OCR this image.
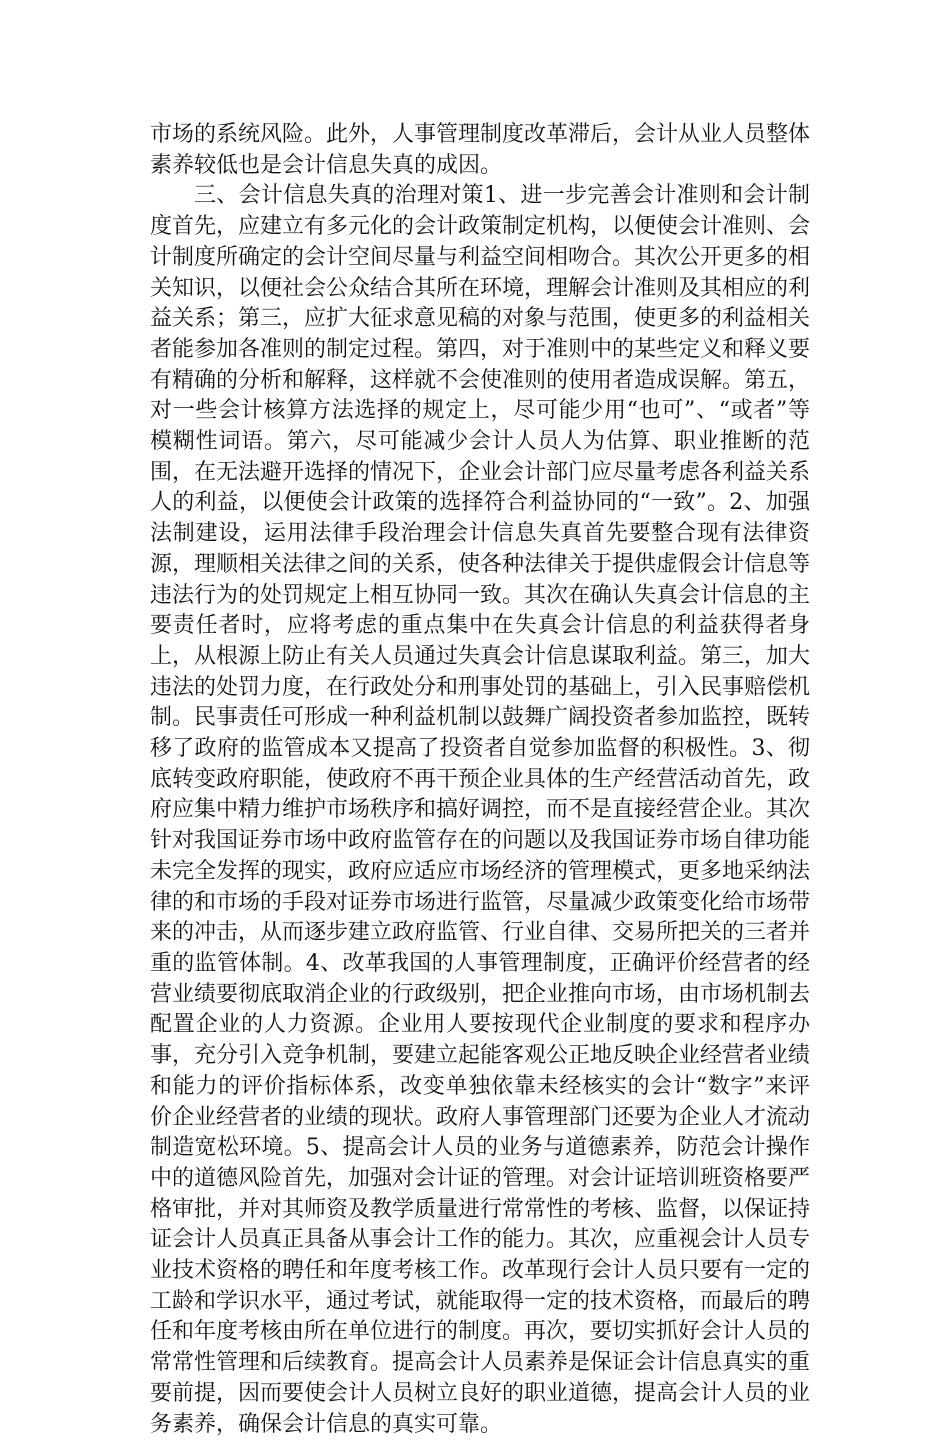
市场的系统风险。此外，人事管理制度改革滞后，会计从业人员整体素养较低也是会计信息失真的成因。

三、会计信息失真的治理对策1、进一步完善会计准则和会计制度首先，应建立有多元化的会计政策制定机构，以便使会计准则、会计制度所确定的会计空间尽量与利益空间相吻合。其次公开更多的相关知识，以便社会公众结合其所在环境，理解会计准则及其相应的利益关系；第三，应扩大征求意见稿的对象与范围，使更多的利益相关者能参加各准则的制定过程。第四，对于准则中的某些定义和释义要有精确的分析和解释，这样就不会使准则的使用者造成误解。第五，对一些会计核算方法选择的规定上，尽可能少用“也可”、“或者”等模糊性词语。第六，尽可能减少会计人员人为估算、职业推断的范围，在无法避开选择的情况下，企业会计部门应尽量考虑各利益关系人的利益，以便使会计政策的选择符合利益协同的“一致”。2、加强法制建设，运用法律手段治理会计信息失真首先要整合现有法律资源，理顺相关法律之间的关系，使各种法律关于提供虚假会计信息等违法行为的处罚规定上相互协同一致。其次在确认失真会计信息的主要责任者时，应将考虑的重点集中在失真会计信息的利益获得者身上，从根源上防止有关人员通过失真会计信息谋取利益。第三，加大违法的处罚力度，在行政处分和刑事处罚的基础上，引入民事赔偿机制。民事责任可形成一种利益机制以鼓舞广阔投资者参加监控，既转移了政府的监管成本又提高了投资者自觉参加监督的积极性。3、彻底转变政府职能，使政府不再干预企业具体的生产经营活动首先，政府应集中精力维护市场秩序和搞好调控，而不是直接经营企业。其次针对我国证券市场中政府监管存在的问题以及我国证券市场自律功能未完全发挥的现实，政府应适应市场经济的管理模式，更多地采纳法律的和市场的手段对证券市场进行监管，尽量减少政策变化给市场带来的冲击，从而逐步建立政府监管、行业自律、交易所把关的三者并重的监管体制。4、改革我国的人事管理制度，正确评价经营者的经营业绩要彻底取消企业的行政级别，把企业推向市场，由市场机制去配置企业的人力资源。企业用人要按现代企业制度的要求和程序办事，充分引入竞争机制，要建立起能客观公正地反映企业经营者业绩和能力的评价指标体系，改变单独依靠未经核实的会计“数字”来评价企业经营者的业绩的现状。政府人事管理部门还要为企业人才流动制造宽松环境。5、提高会计人员的业务与道德素养，防范会计操作中的道德风险首先，加强对会计证的管理。对会计证培训班资格要严格审批，并对其师资及教学质量进行常常性的考核、监督，以保证持证会计人员真正具备从事会计工作的能力。其次，应重视会计人员专业技术资格的聘任和年度考核工作。改革现行会计人员只要有一定的工龄和学识水平，通过考试，就能取得一定的技术资格，而最后的聘任和年度考核由所在单位进行的制度。再次，要切实抓好会计人员的常常性管理和后续教育。提高会计人员素养是保证会计信息真实的重要前提，因而要使会计人员树立良好的职业道德，提高会计人员的业务素养，确保会计信息的真实可靠。
